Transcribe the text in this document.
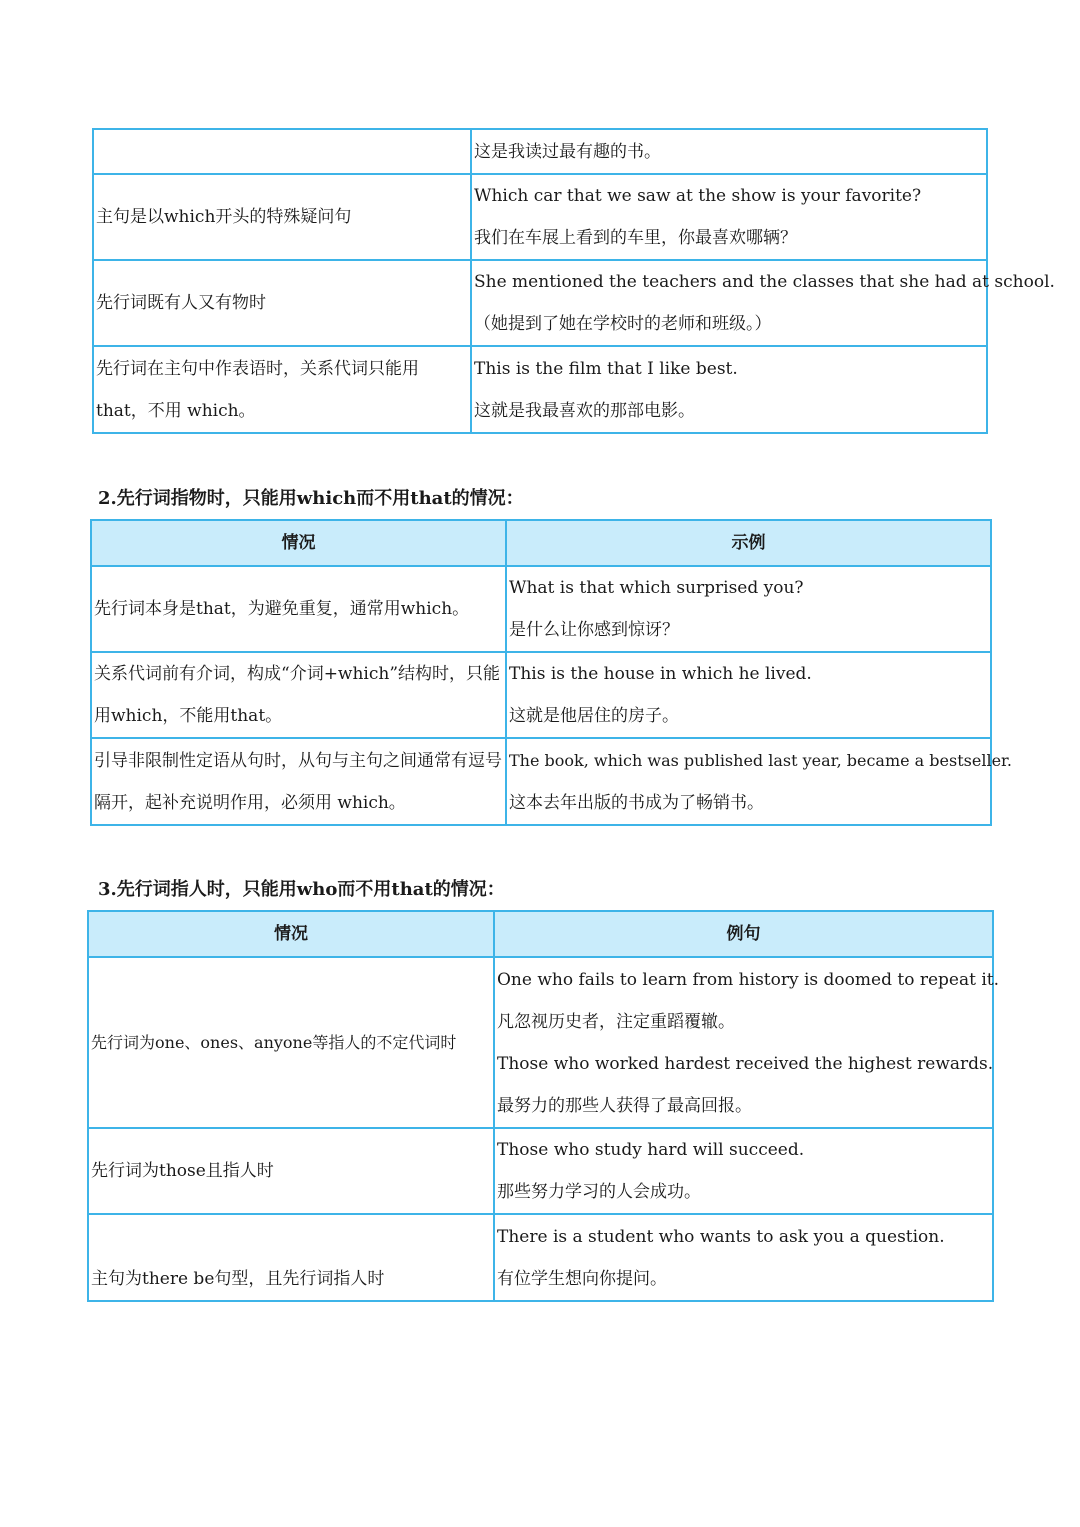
	这是我读过最有趣的书。

主句是以which开头的特殊疑问句	Which car that we saw at the show is your favorite?
我们在车展上看到的车里，你最喜欢哪辆？

先行词既有人又有物时	She mentioned the teachers and the classes that she had at school.
（她提到了她在学校时的老师和班级。）

先行词在主句中作表语时，关系代词只能用that，不用 which。	This is the film that I like best.
这就是我最喜欢的那部电影。
2.先行词指物时，只能用which而不用that的情况：
情况	示例
先行词本身是that，为避免重复，通常用which。	What is that which surprised you?
是什么让你感到惊讶？

关系代词前有介词，构成“介词+which”结构时，只能用which，不能用that。	This is the house in which he lived.
这就是他居住的房子。

引导非限制性定语从句时，从句与主句之间通常有逗号隔开，起补充说明作用，必须用 which。	The book, which was published last year, became a bestseller.
这本去年出版的书成为了畅销书。
3.先行词指人时，只能用who而不用that的情况：
情况	例句
先行词为one、ones、anyone等指人的不定代词时	One who fails to learn from history is doomed to repeat it.
凡忽视历史者，注定重蹈覆辙。
Those who worked hardest received the highest rewards.
最努力的那些人获得了最高回报。

先行词为those且指人时	Those who study hard will succeed.
那些努力学习的人会成功。

主句为there be句型，且先行词指人时	There is a student who wants to ask you a question.
有位学生想向你提问。
